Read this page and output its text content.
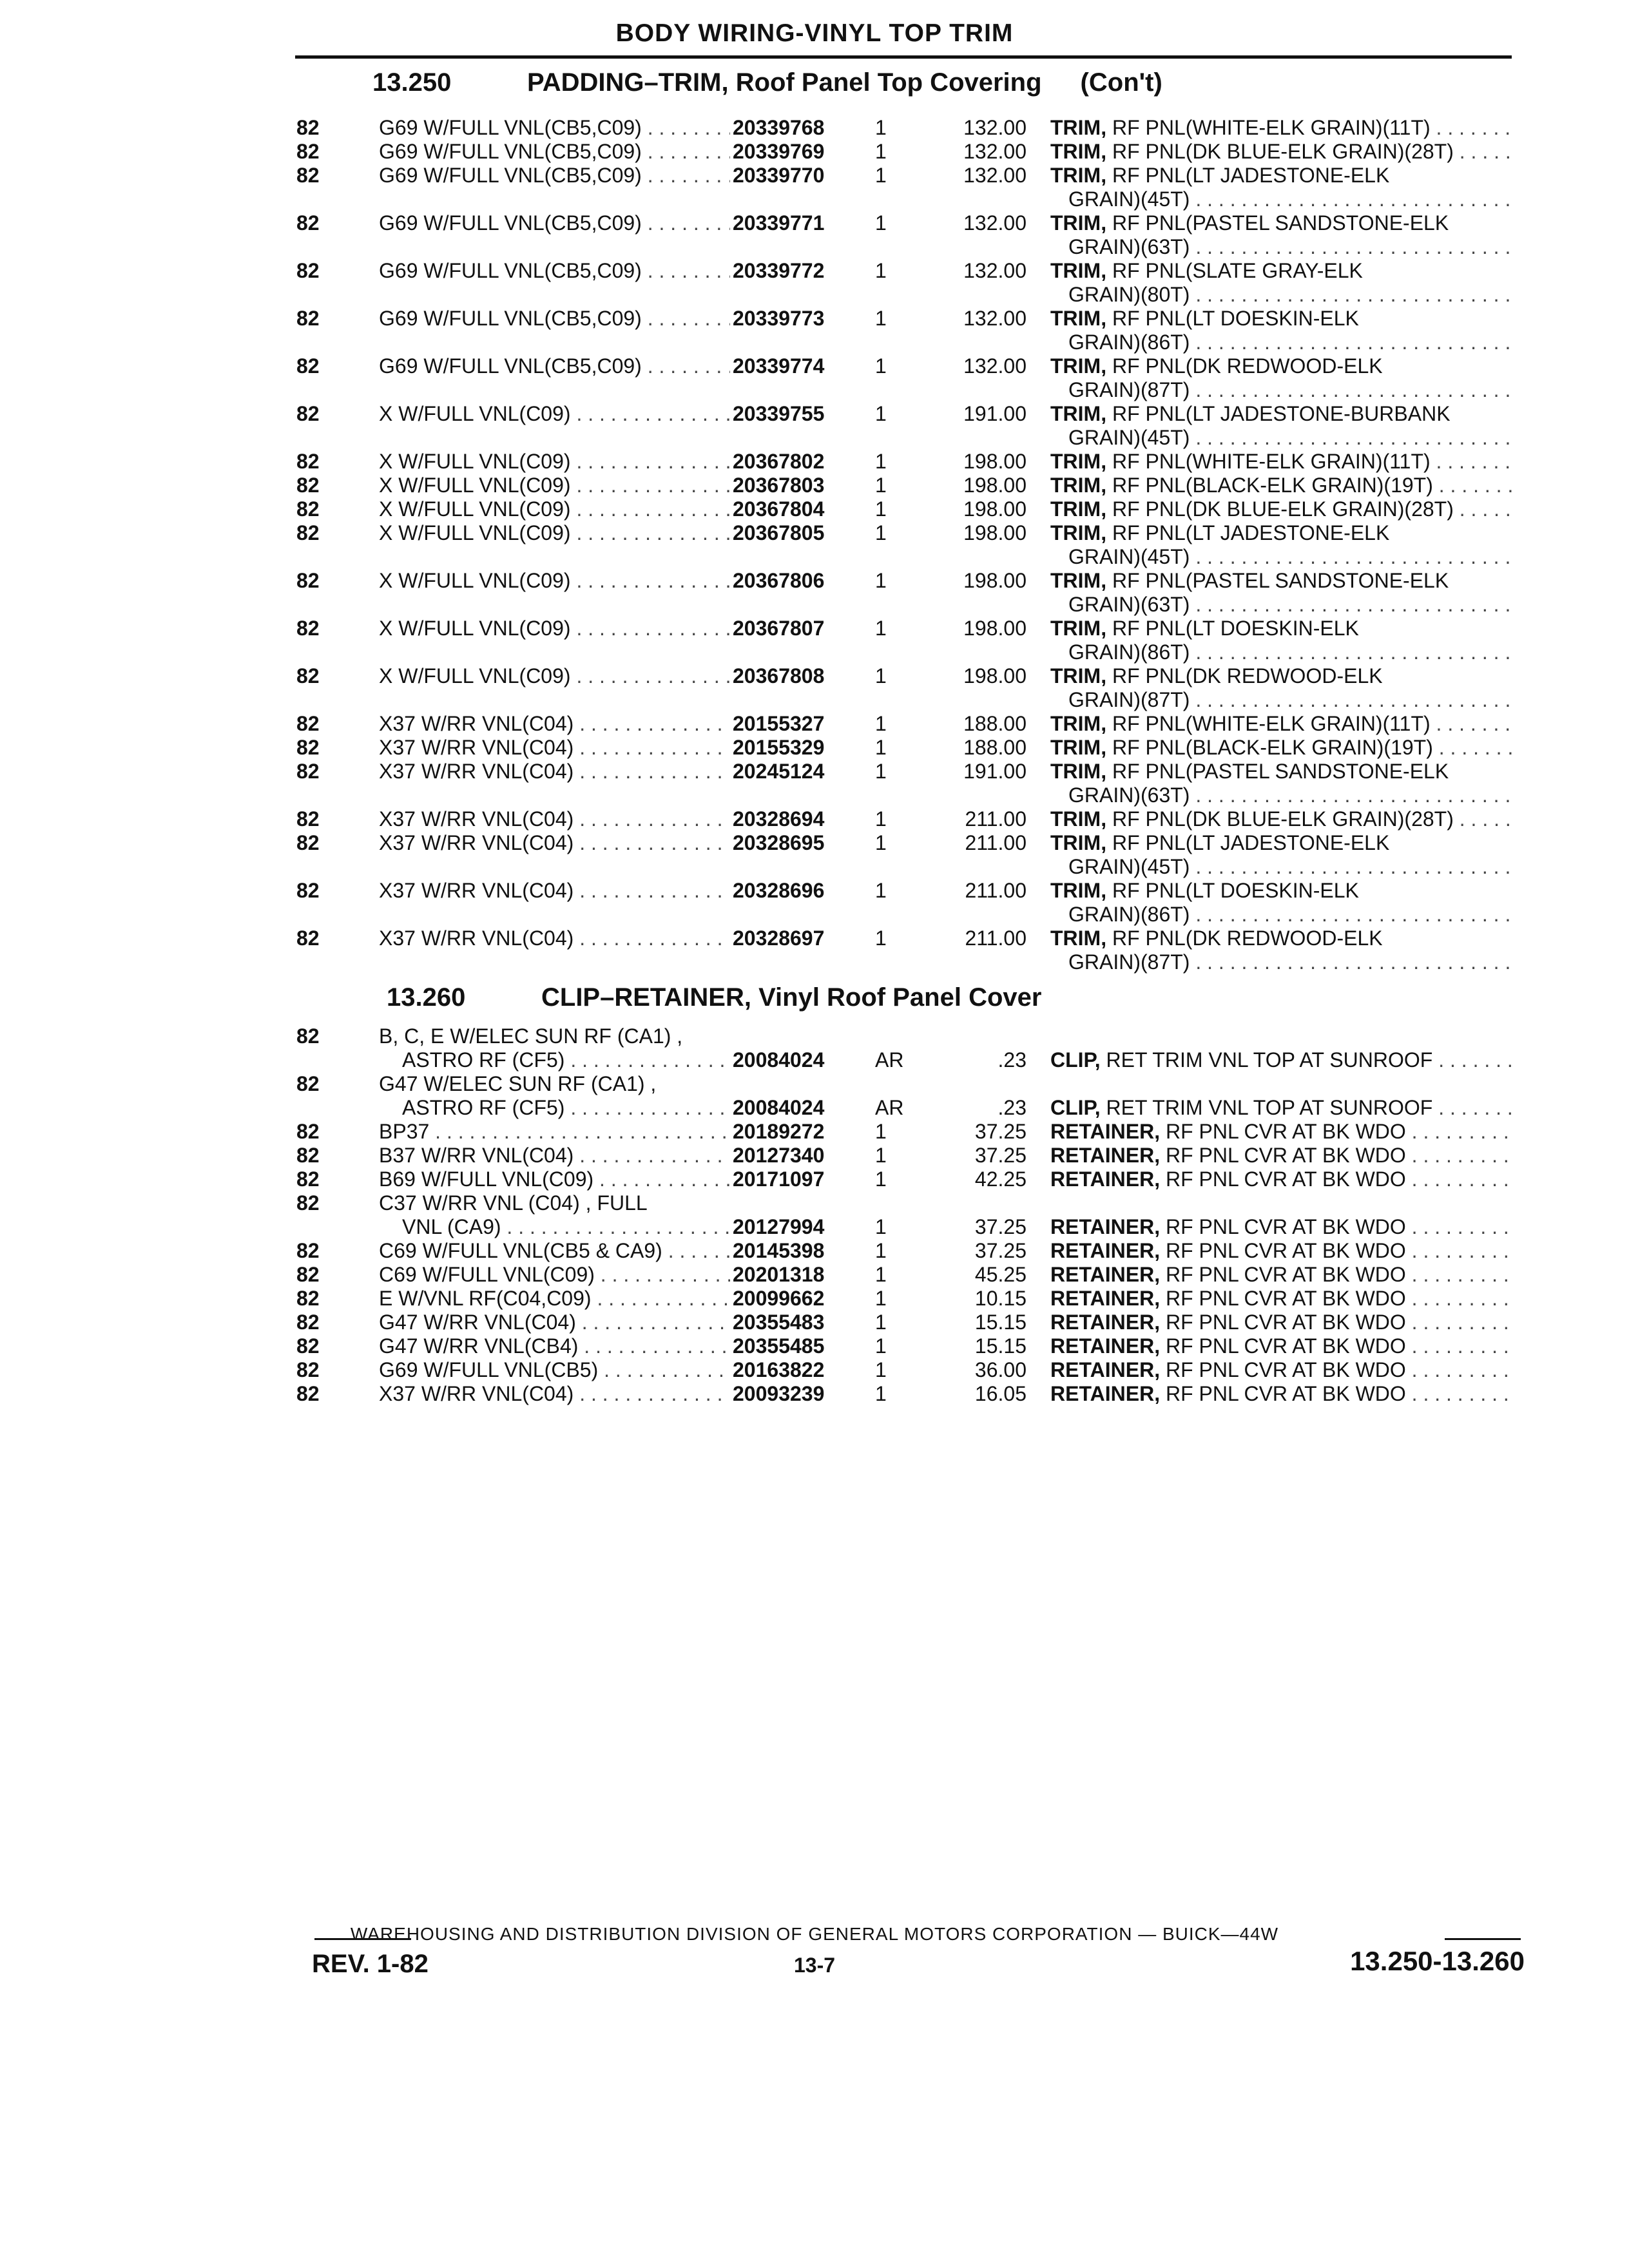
BODY WIRING-VINYL TOP TRIM
13.250	PADDING–TRIM, Roof Panel Top Covering (Con't)
82	G69 W/FULL VNL(CB5,C09) . . .	20339768 1	132.00 TRIM, RF PNL(WHITE-ELK GRAIN)(11T) . . .
82	G69 W/FULL VNL(CB5,C09) . . .	20339769 1	132.00 TRIM, RF PNL(DK BLUE-ELK GRAIN)(28T) . . .
82	G69 W/FULL VNL(CB5,C09) . . .	20339770 1	132.00 TRIM, RF PNL(LT JADESTONE-ELK
GRAIN)(45T) . . .
82	G69 W/FULL VNL(CB5,C09) . . .	20339771 1	132.00 TRIM, RF PNL(PASTEL SANDSTONE-ELK
GRAIN)(63T) . . .
82	G69 W/FULL VNL(CB5,C09) . . .	20339772 1	132.00 TRIM, RF PNL(SLATE GRAY-ELK
GRAIN)(80T) . . .
82	G69 W/FULL VNL(CB5,C09) . . .	20339773 1	132.00 TRIM, RF PNL(LT DOESKIN-ELK
GRAIN)(86T) . . .
82	G69 W/FULL VNL(CB5,C09) . . .	20339774 1	132.00 TRIM, RF PNL(DK REDWOOD-ELK
GRAIN)(87T) . . .
82	X W/FULL VNL(C09) . . .	20339755 1	191.00 TRIM, RF PNL(LT JADESTONE-BURBANK
GRAIN)(45T) . . .
82	X W/FULL VNL(C09) . . .	20367802 1	198.00 TRIM, RF PNL(WHITE-ELK GRAIN)(11T) . . .
82	X W/FULL VNL(C09) . . .	20367803 1	198.00 TRIM, RF PNL(BLACK-ELK GRAIN)(19T) . . .
82	X W/FULL VNL(C09) . . .	20367804 1	198.00 TRIM, RF PNL(DK BLUE-ELK GRAIN)(28T) . . .
82	X W/FULL VNL(C09) . . .	20367805 1	198.00 TRIM, RF PNL(LT JADESTONE-ELK
GRAIN)(45T) . . .
82	X W/FULL VNL(C09) . . .	20367806 1	198.00 TRIM, RF PNL(PASTEL SANDSTONE-ELK
GRAIN)(63T) . . .
82	X W/FULL VNL(C09) . . .	20367807 1	198.00 TRIM, RF PNL(LT DOESKIN-ELK
GRAIN)(86T) . . .
82	X W/FULL VNL(C09) . . .	20367808 1	198.00 TRIM, RF PNL(DK REDWOOD-ELK
GRAIN)(87T) . . .
82	X37 W/RR VNL(C04) . . .	20155327 1	188.00 TRIM, RF PNL(WHITE-ELK GRAIN)(11T) . . .
82	X37 W/RR VNL(C04) . . .	20155329 1	188.00 TRIM, RF PNL(BLACK-ELK GRAIN)(19T) . . .
82	X37 W/RR VNL(C04) . . .	20245124 1	191.00 TRIM, RF PNL(PASTEL SANDSTONE-ELK
GRAIN)(63T) . . .
82	X37 W/RR VNL(C04) . . .	20328694 1	211.00 TRIM, RF PNL(DK BLUE-ELK GRAIN)(28T) . . .
82	X37 W/RR VNL(C04) . . .	20328695 1	211.00 TRIM, RF PNL(LT JADESTONE-ELK
GRAIN)(45T) . . .
82	X37 W/RR VNL(C04) . . .	20328696 1	211.00 TRIM, RF PNL(LT DOESKIN-ELK
GRAIN)(86T) . . .
82	X37 W/RR VNL(C04) . . .	20328697 1	211.00 TRIM, RF PNL(DK REDWOOD-ELK
GRAIN)(87T) . . .
13.260	CLIP–RETAINER, Vinyl Roof Panel Cover
82	B, C, E W/ELEC SUN RF (CA1) ,
ASTRO RF (CF5) . . .	20084024 AR	.23 CLIP, RET TRIM VNL TOP AT SUNROOF . . .
82	G47 W/ELEC SUN RF (CA1) ,
ASTRO RF (CF5) . . .	20084024 AR	.23 CLIP, RET TRIM VNL TOP AT SUNROOF . . .
82	BP37 . . .	20189272 1	37.25 RETAINER, RF PNL CVR AT BK WDO . . .
82	B37 W/RR VNL(C04) . . .	20127340 1	37.25 RETAINER, RF PNL CVR AT BK WDO . . .
82	B69 W/FULL VNL(C09) . . .	20171097 1	42.25 RETAINER, RF PNL CVR AT BK WDO . . .
82	C37 W/RR VNL (C04) , FULL
VNL (CA9) . . .	20127994 1	37.25 RETAINER, RF PNL CVR AT BK WDO . . .
82	C69 W/FULL VNL(CB5 & CA9) . . .	20145398 1	37.25 RETAINER, RF PNL CVR AT BK WDO . . .
82	C69 W/FULL VNL(C09) . . .	20201318 1	45.25 RETAINER, RF PNL CVR AT BK WDO . . .
82	E W/VNL RF(C04,C09) . . .	20099662 1	10.15 RETAINER, RF PNL CVR AT BK WDO . . .
82	G47 W/RR VNL(C04) . . .	20355483 1	15.15 RETAINER, RF PNL CVR AT BK WDO . . .
82	G47 W/RR VNL(CB4) . . .	20355485 1	15.15 RETAINER, RF PNL CVR AT BK WDO . . .
82	G69 W/FULL VNL(CB5) . . .	20163822 1	36.00 RETAINER, RF PNL CVR AT BK WDO . . .
82	X37 W/RR VNL(C04) . . .	20093239 1	16.05 RETAINER, RF PNL CVR AT BK WDO . . .
WAREHOUSING AND DISTRIBUTION DIVISION OF GENERAL MOTORS CORPORATION — BUICK—44W
REV. 1-82	13-7	13.250-13.260
